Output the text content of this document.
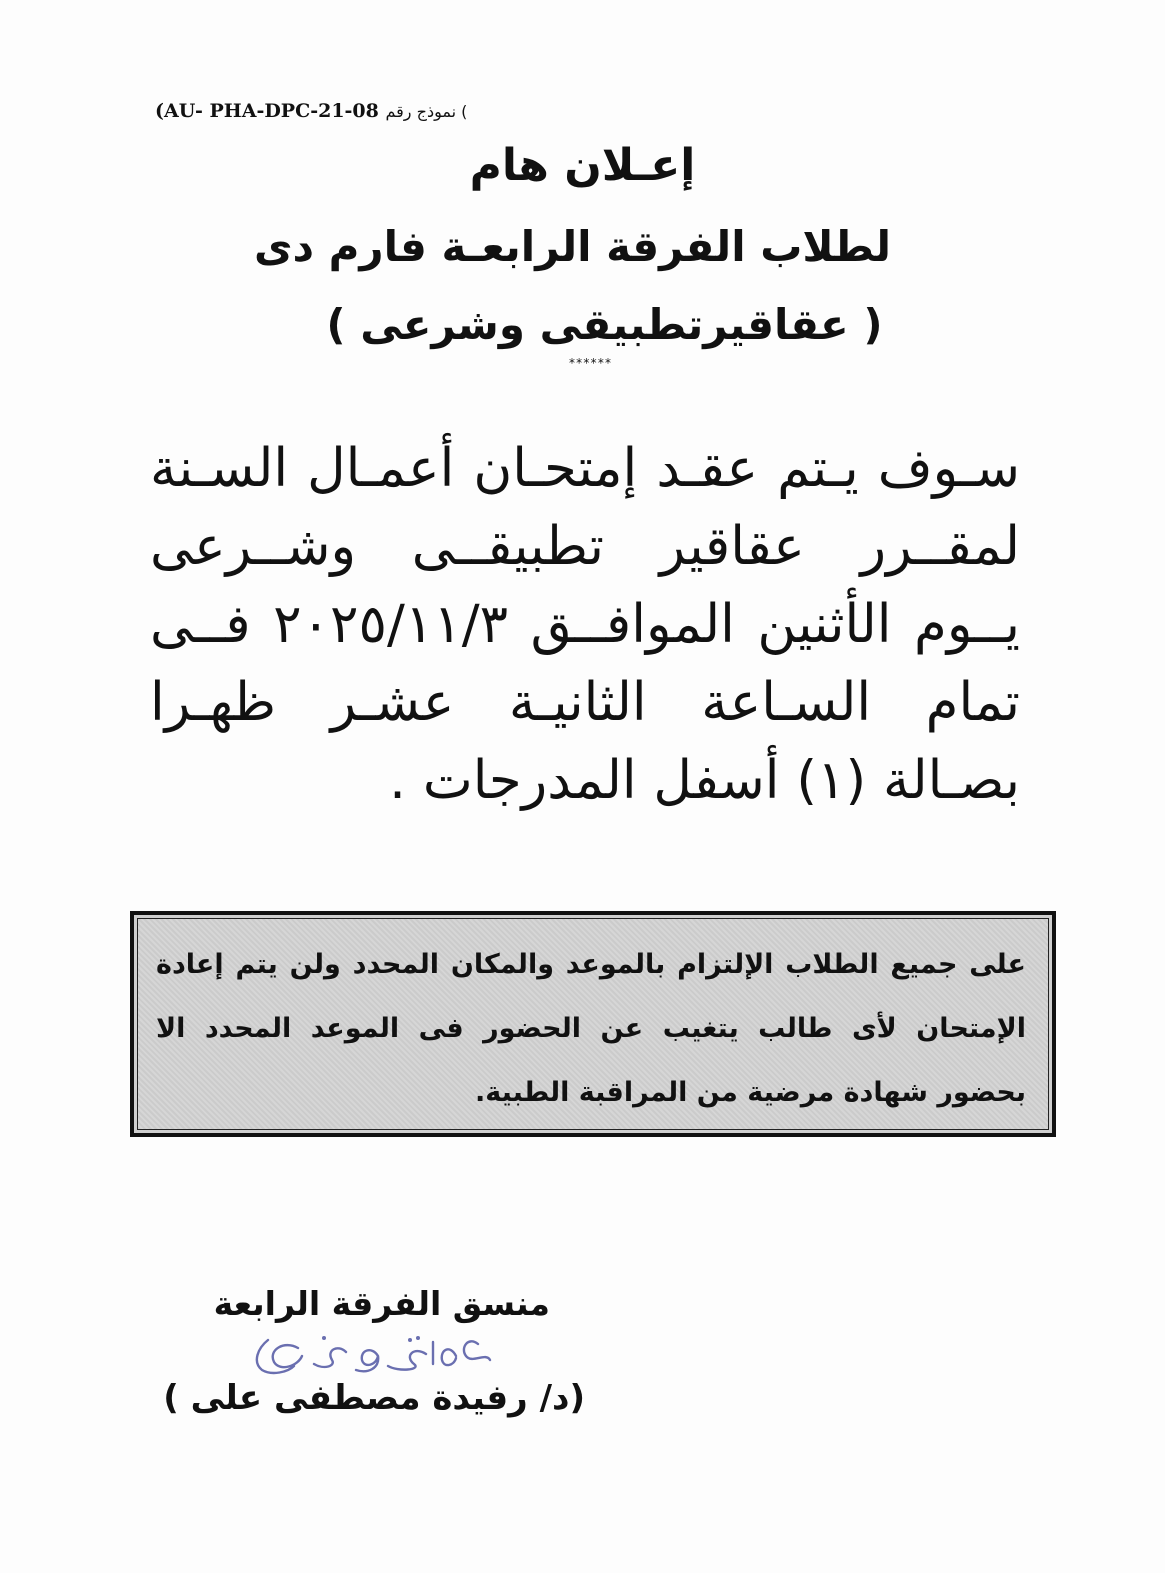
(AU- PHA-DPC-21-08 نموذج رقم (
إعـلان هام
لطلاب الفرقة الرابعـة فارم دى
( عقاقيرتطبيقى وشرعى )
******
سـوف يـتم عقـد إمتحـان أعمـال السـنة لمقــرر عقاقير تطبيقــى وشــرعى يــوم الأثنين الموافــق ٢٠٢٥/١١/٣ فــى تمام السـاعة الثانيـة عشـر ظهـرا بصـالة (١) أسفل المدرجات .
على جميع الطلاب الإلتزام بالموعد والمكان المحدد ولن يتم إعادة الإمتحان لأى طالب يتغيب عن الحضور فى الموعد المحدد الا بحضور شهادة مرضية من المراقبة الطبية.
منسق الفرقة الرابعة
(د/ رفيدة مصطفى على )
